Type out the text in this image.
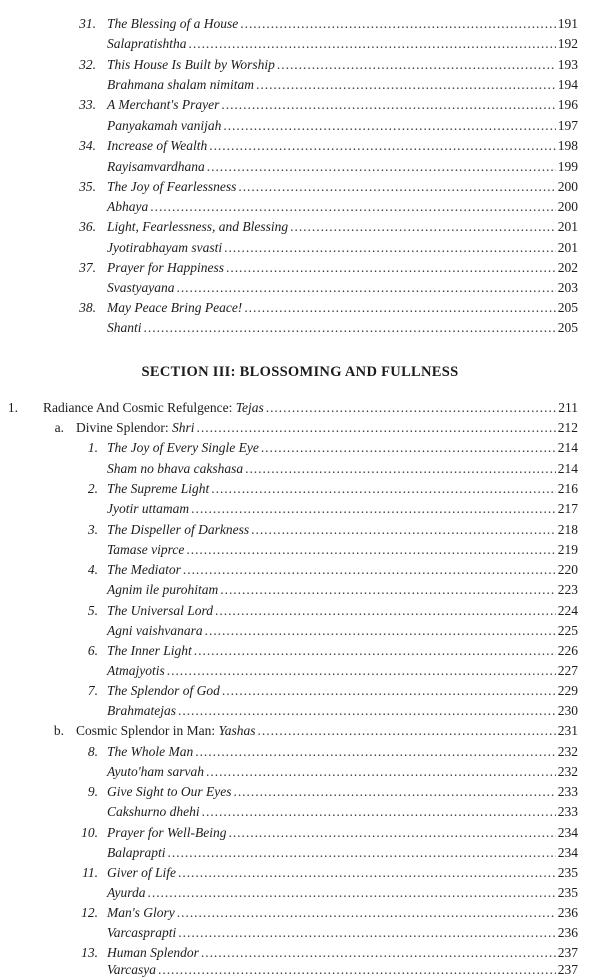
31. The Blessing of a House . . .	191
Salapratishtha . . .	192
32. This House Is Built by Worship . . .	193
Brahmana shalam nimitam . . .	194
33. A Merchant's Prayer . . .	196
Panyakamah vanijah . . .	197
34. Increase of Wealth . . .	198
Rayisamvardhana . . .	199
35. The Joy of Fearlessness . . .	200
Abhaya . . .	200
36. Light, Fearlessness, and Blessing . . .	201
Jyotirabhayam svasti . . .	201
37. Prayer for Happiness . . .	202
Svastyayana . . .	203
38. May Peace Bring Peace! . . .	205
Shanti . . .	205
SECTION III: BLOSSOMING AND FULLNESS
1. Radiance And Cosmic Refulgence: Tejas . . .	211
a. Divine Splendor: Shri . . .	212
1. The Joy of Every Single Eye . . .	214
Sham no bhava cakshasa . . .	214
2. The Supreme Light . . .	216
Jyotir uttamam . . .	217
3. The Dispeller of Darkness . . .	218
Tamase viprce . . .	219
4. The Mediator . . .	220
Agnim ile purohitam . . .	223
5. The Universal Lord . . .	224
Agni vaishvanara . . .	225
6. The Inner Light . . .	226
Atmajyotis . . .	227
7. The Splendor of God . . .	229
Brahmatejas . . .	230
b. Cosmic Splendor in Man: Yashas . . .	231
8. The Whole Man . . .	232
Ayuto'ham sarvah . . .	232
9. Give Sight to Our Eyes . . .	233
Cakshurno dhehi . . .	233
10. Prayer for Well-Being . . .	234
Balaprapti . . .	234
11. Giver of Life . . .	235
Ayurda . . .	235
12. Man's Glory . . .	236
Varcasprapti . . .	236
13. Human Splendor . . .	237
Varcasya . . .	237
